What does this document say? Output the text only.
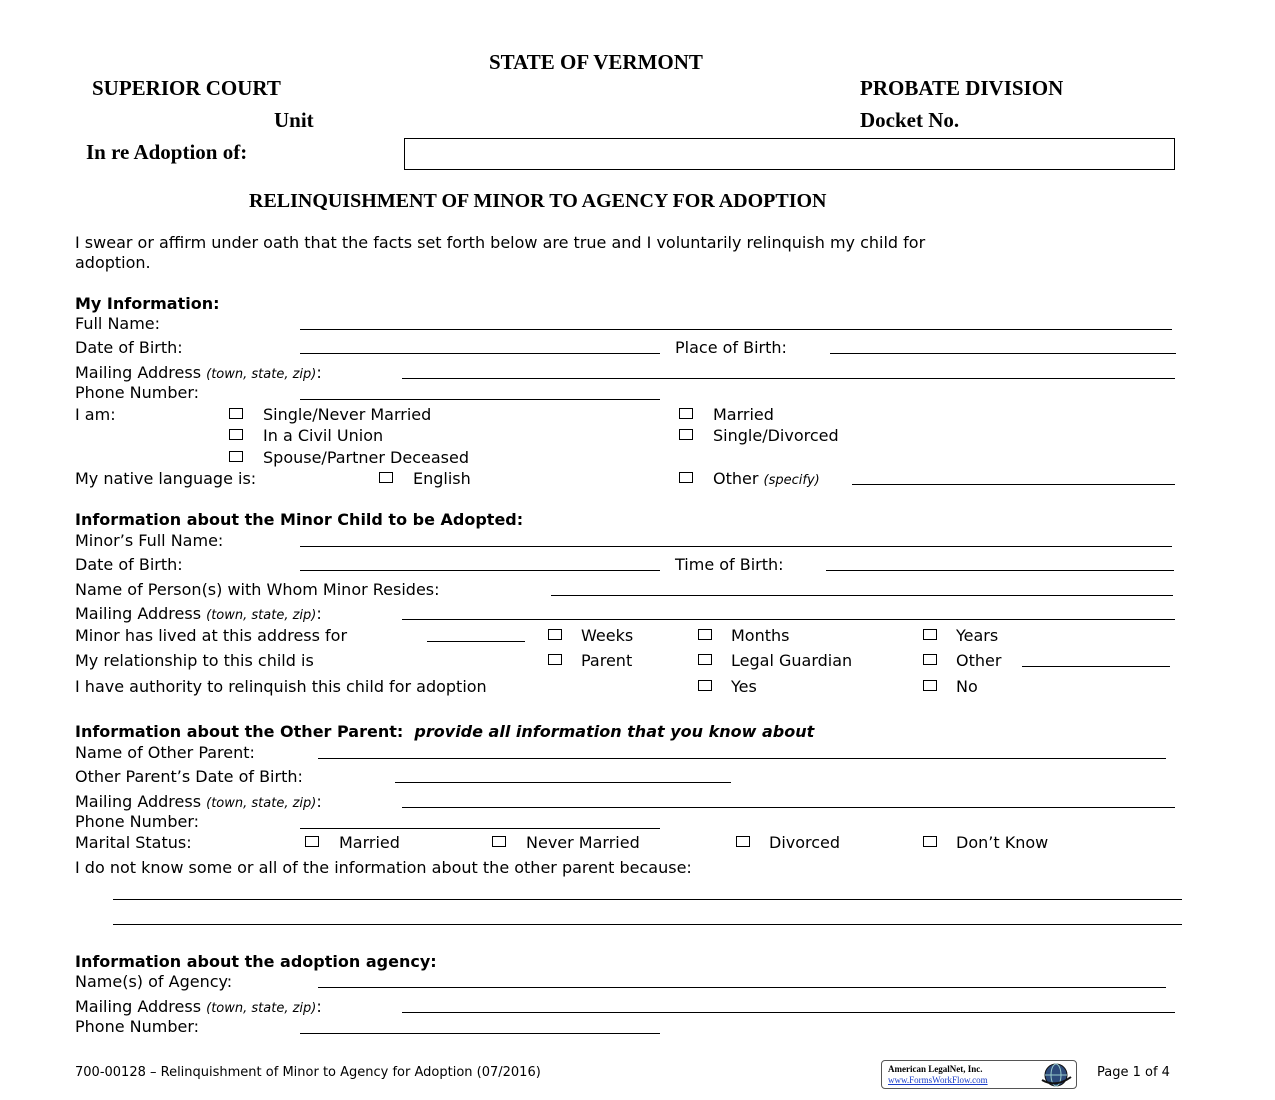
STATE OF VERMONT
SUPERIOR COURT	PROBATE DIVISION
Unit	Docket No.
In re Adoption of:
RELINQUISHMENT OF MINOR TO AGENCY FOR ADOPTION
I swear or affirm under oath that the facts set forth below are true and I voluntarily relinquish my child for
adoption.
My Information:
Full Name:
Date of Birth:	Place of Birth:
Mailing Address (town, state, zip):
Phone Number:
I am:	Single/Never Married	Married
In a Civil Union	Single/Divorced
Spouse/Partner Deceased
My native language is:	English	Other (specify)
Information about the Minor Child to be Adopted:
Minor’s Full Name:
Date of Birth:	Time of Birth:
Name of Person(s) with Whom Minor Resides:
Mailing Address (town, state, zip):
Minor has lived at this address for	Weeks	Months	Years
My relationship to this child is	Parent	Legal Guardian	Other
I have authority to relinquish this child for adoption	Yes	No
Information about the Other Parent: provide all information that you know about
Name of Other Parent:
Other Parent’s Date of Birth:
Mailing Address (town, state, zip):
Phone Number:
Marital Status:	Married	Never Married	Divorced	Don’t Know
I do not know some or all of the information about the other parent because:
Information about the adoption agency:
Name(s) of Agency:
Mailing Address (town, state, zip):
Phone Number:
700-00128 – Relinquishment of Minor to Agency for Adoption (07/2016)	American LegalNet, Inc.
www.FormsWorkFlow.com	Page 1 of 4
